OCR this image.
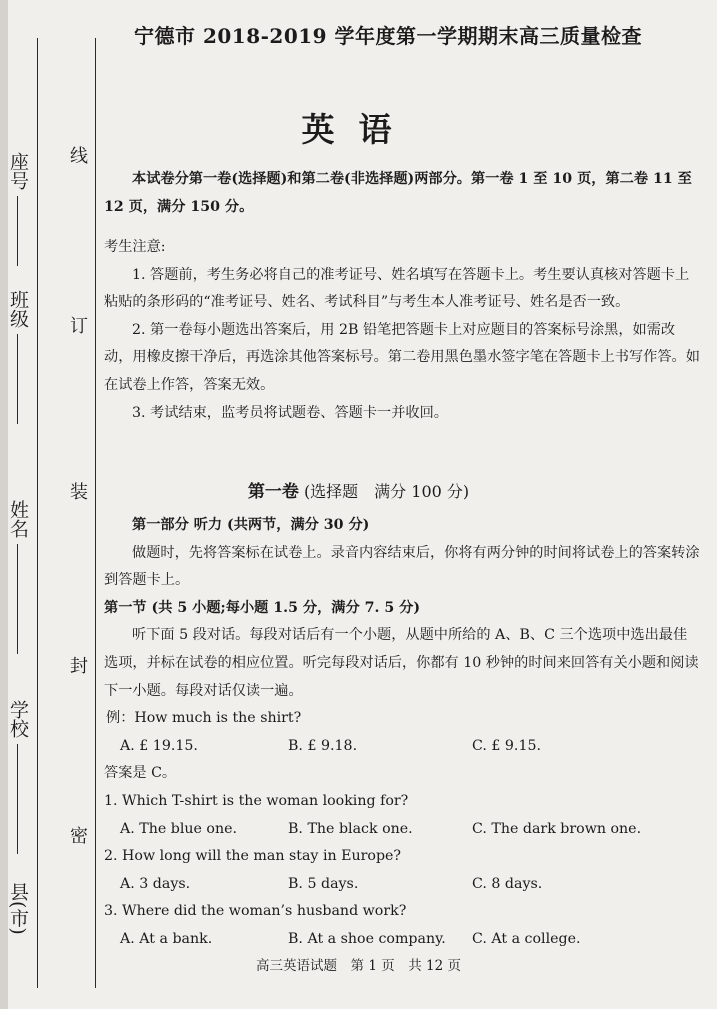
座号
班级
姓名
学校
县(市)
线
订
装
封
密
宁德市 2018-2019 学年度第一学期期末高三质量检查
英语

本试卷分第一卷(选择题)和第二卷(非选择题)两部分。第一卷 1 至 10 页，第二卷 11 至 12 页，满分 150 分。

考生注意:

1. 答题前，考生务必将自己的准考证号、姓名填写在答题卡上。考生要认真核对答题卡上粘贴的条形码的“准考证号、姓名、考试科目”与考生本人准考证号、姓名是否一致。

2. 第一卷每小题选出答案后，用 2B 铅笔把答题卡上对应题目的答案标号涂黑，如需改动，用橡皮擦干净后，再选涂其他答案标号。第二卷用黑色墨水签字笔在答题卡上书写作答。如在试卷上作答，答案无效。

3. 考试结束，监考员将试题卷、答题卡一并收回。

第一卷 (选择题　满分 100 分)

第一部分 听力 (共两节，满分 30 分)

做题时，先将答案标在试卷上。录音内容结束后，你将有两分钟的时间将试卷上的答案转涂到答题卡上。

第一节 (共 5 小题;每小题 1.5 分，满分 7. 5 分)

听下面 5 段对话。每段对话后有一个小题，从题中所给的 A、B、C 三个选项中选出最佳选项，并标在试卷的相应位置。听完每段对话后，你都有 10 秒钟的时间来回答有关小题和阅读下一小题。每段对话仅读一遍。

例：How much is the shirt?

A. £ 19.15.	B. £ 9.18.	C. £ 9.15.

答案是 C。

1. Which T-shirt is the woman looking for?

A. The blue one.	B. The black one.	C. The dark brown one.

2. How long will the man stay in Europe?

A. 3 days.	B. 5 days.	C. 8 days.

3. Where did the woman’s husband work?

A. At a bank.	B. At a shoe company.	C. At a college.
高三英语试题　第 1 页　共 12 页
